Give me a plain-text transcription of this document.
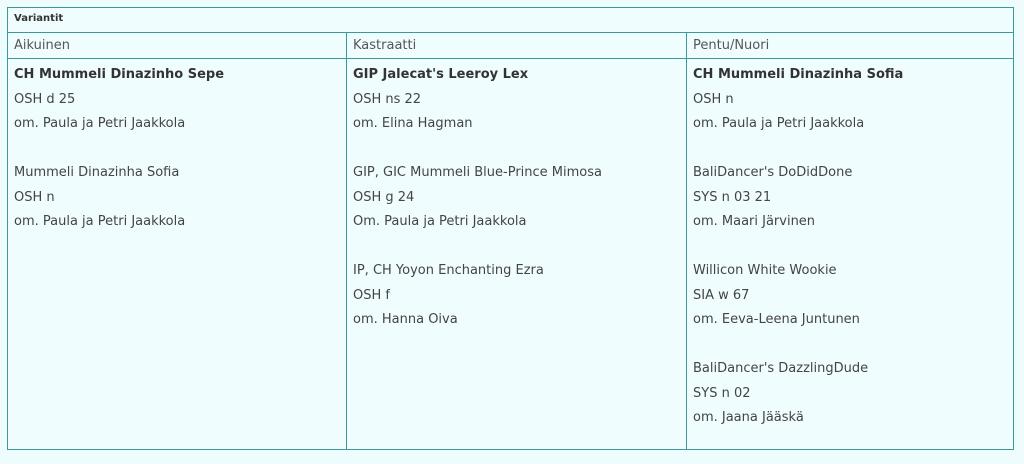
Variantit
Aikuinen	Kastraatti	Pentu/Nuori
CH Mummeli Dinazinho Sepe
OSH d 25
om. Paula ja Petri Jaakkola
Mummeli Dinazinha Sofia
OSH n
om. Paula ja Petri Jaakkola
GIP Jalecat's Leeroy Lex
OSH ns 22
om. Elina Hagman
GIP, GIC Mummeli Blue-Prince Mimosa
OSH g 24
Om. Paula ja Petri Jaakkola
IP, CH Yoyon Enchanting Ezra
OSH f
om. Hanna Oiva
CH Mummeli Dinazinha Sofia
OSH n
om. Paula ja Petri Jaakkola
BaliDancer's DoDidDone
SYS n 03 21
om. Maari Järvinen
Willicon White Wookie
SIA w 67
om. Eeva-Leena Juntunen
BaliDancer's DazzlingDude
SYS n 02
om. Jaana Jääskä
